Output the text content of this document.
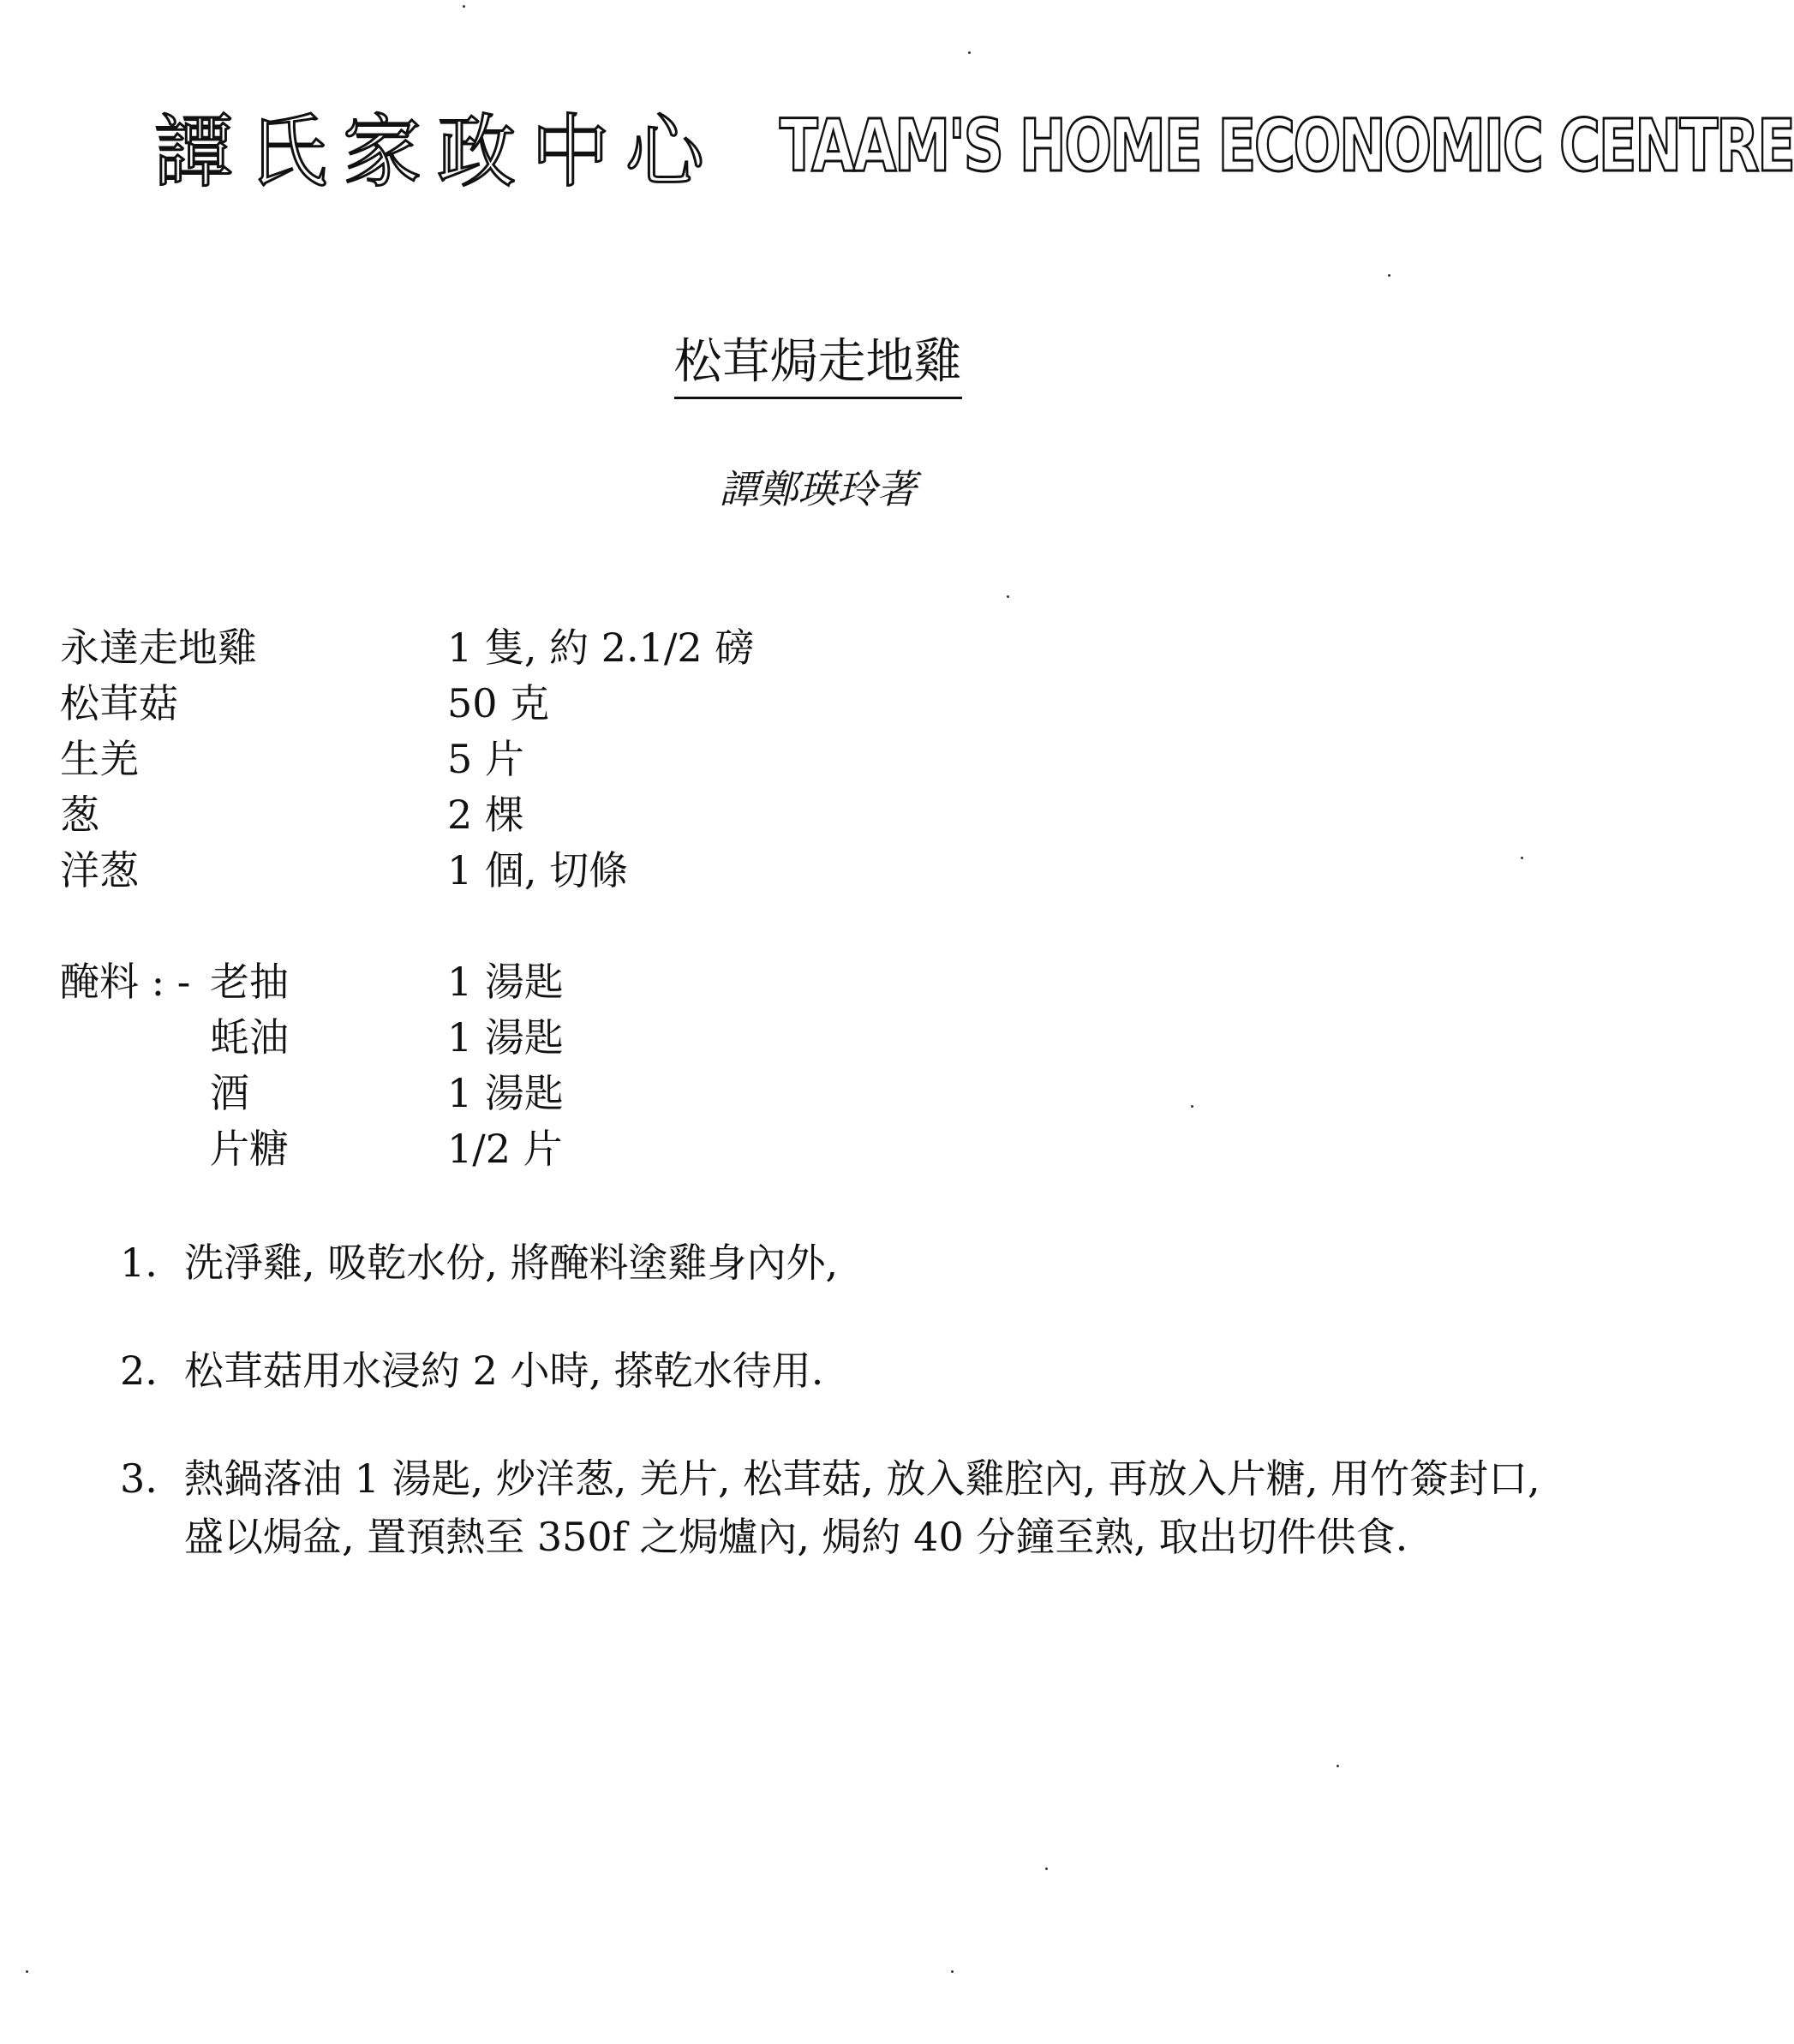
譚氏家政中心 TAAM'S HOME ECONOMIC CENTRE
松茸焗走地雞
譚鄭瑛玲著
永達走地雞	1 隻, 約 2.1/2 磅
松茸菇	50 克
生羌	5 片
葱	2 棵
洋葱	1 個, 切條
醃料 : - 老抽	1 湯匙
蚝油	1 湯匙
酒	1 湯匙
片糖	1/2 片
1. 洗淨雞, 吸乾水份, 將醃料塗雞身內外,
2. 松茸菇用水浸約 2 小時, 搽乾水待用.
3. 熱鍋落油 1 湯匙, 炒洋葱, 羌片, 松茸菇, 放入雞腔內, 再放入片糖, 用竹簽封口, 盛以焗盆, 置預熱至 350f 之焗爐內, 焗約 40 分鐘至熟, 取出切件供食.
